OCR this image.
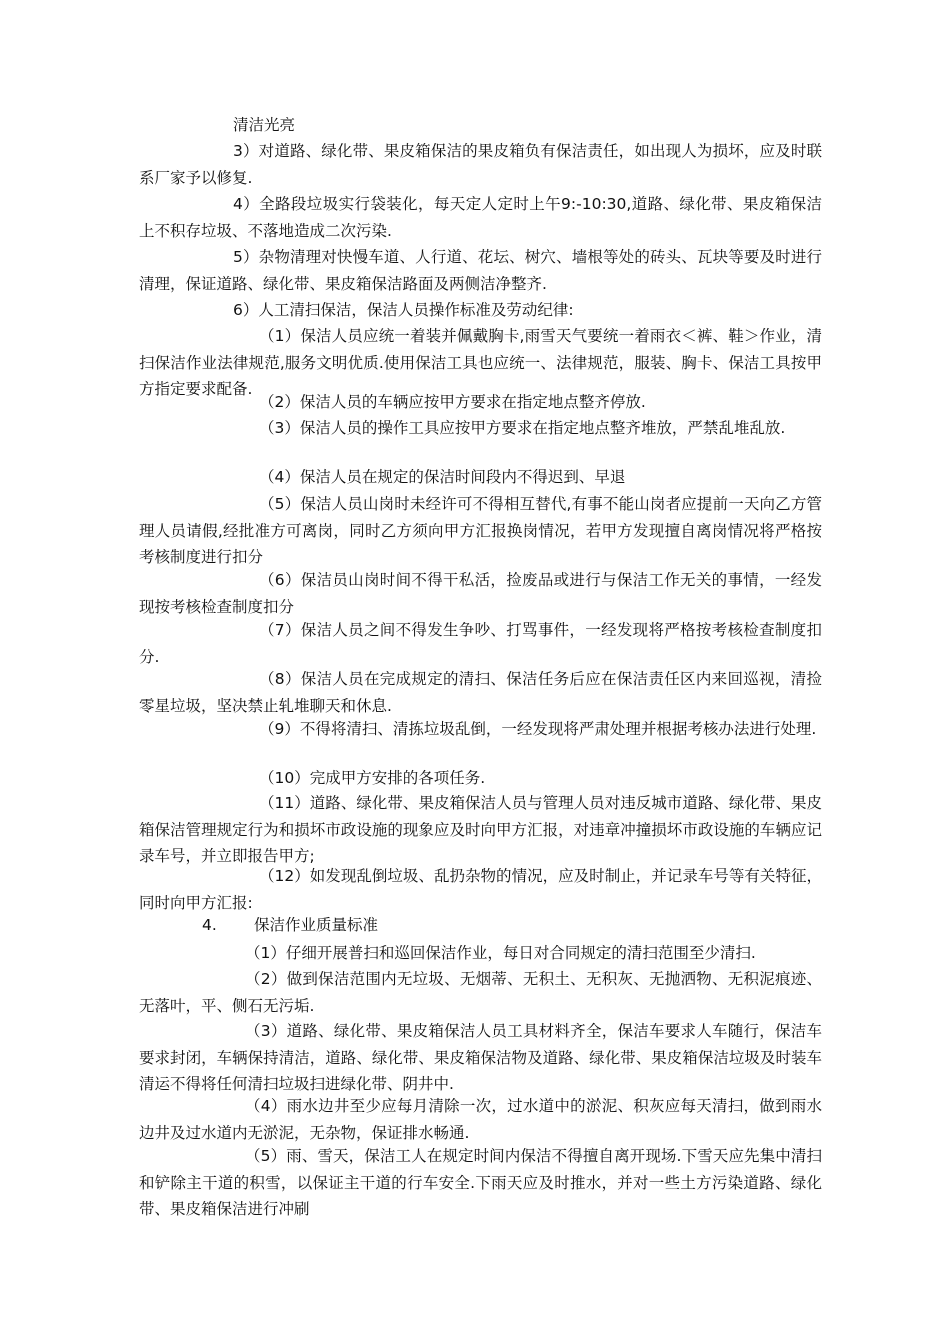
清洁光亮

3）对道路、绿化带、果皮箱保洁的果皮箱负有保洁责任，如出现人为损坏，应及时联系厂家予以修复.

4）全路段垃圾实行袋装化，每天定人定时上午9:-10:30,道路、绿化带、果皮箱保洁上不积存垃圾、不落地造成二次污染.

5）杂物清理对快慢车道、人行道、花坛、树穴、墙根等处的砖头、瓦块等要及时进行清理，保证道路、绿化带、果皮箱保洁路面及两侧洁净整齐.

6）人工清扫保洁，保洁人员操作标准及劳动纪律:

（1）保洁人员应统一着装并佩戴胸卡,雨雪天气要统一着雨衣＜裤、鞋＞作业，清扫保洁作业法律规范,服务文明优质.使用保洁工具也应统一、法律规范，服装、胸卡、保洁工具按甲方指定要求配备.

（2）保洁人员的车辆应按甲方要求在指定地点整齐停放.

（3）保洁人员的操作工具应按甲方要求在指定地点整齐堆放，严禁乱堆乱放.

（4）保洁人员在规定的保洁时间段内不得迟到、早退

（5）保洁人员山岗时未经许可不得相互替代,有事不能山岗者应提前一天向乙方管理人员请假,经批准方可离岗，同时乙方须向甲方汇报换岗情况，若甲方发现擅自离岗情况将严格按考核制度进行扣分

（6）保洁员山岗时间不得干私活，捡废品或进行与保洁工作无关的事情，一经发现按考核检查制度扣分

（7）保洁人员之间不得发生争吵、打骂事件，一经发现将严格按考核检查制度扣分.

（8）保洁人员在完成规定的清扫、保洁任务后应在保洁责任区内来回巡视，清捡零星垃圾，坚决禁止轧堆聊天和休息.

（9）不得将清扫、清拣垃圾乱倒，一经发现将严肃处理并根据考核办法进行处理.

（10）完成甲方安排的各项任务.

（11）道路、绿化带、果皮箱保洁人员与管理人员对违反城市道路、绿化带、果皮箱保洁管理规定行为和损坏市政设施的现象应及时向甲方汇报，对违章冲撞损坏市政设施的车辆应记录车号，并立即报告甲方;

（12）如发现乱倒垃圾、乱扔杂物的情况，应及时制止，并记录车号等有关特征，同时向甲方汇报:

4. 保洁作业质量标准

（1）仔细开展普扫和巡回保洁作业，每日对合同规定的清扫范围至少清扫.

（2）做到保洁范围内无垃圾、无烟蒂、无积土、无积灰、无抛洒物、无积泥痕迹、无落叶，平、侧石无污垢.

（3）道路、绿化带、果皮箱保洁人员工具材料齐全，保洁车要求人车随行，保洁车要求封闭，车辆保持清洁，道路、绿化带、果皮箱保洁物及道路、绿化带、果皮箱保洁垃圾及时装车清运不得将任何清扫垃圾扫进绿化带、阴井中.

（4）雨水边井至少应每月清除一次，过水道中的淤泥、积灰应每天清扫，做到雨水边井及过水道内无淤泥，无杂物，保证排水畅通.

（5）雨、雪天，保洁工人在规定时间内保洁不得擅自离开现场.下雪天应先集中清扫和铲除主干道的积雪，以保证主干道的行车安全.下雨天应及时推水，并对一些土方污染道路、绿化带、果皮箱保洁进行冲刷
